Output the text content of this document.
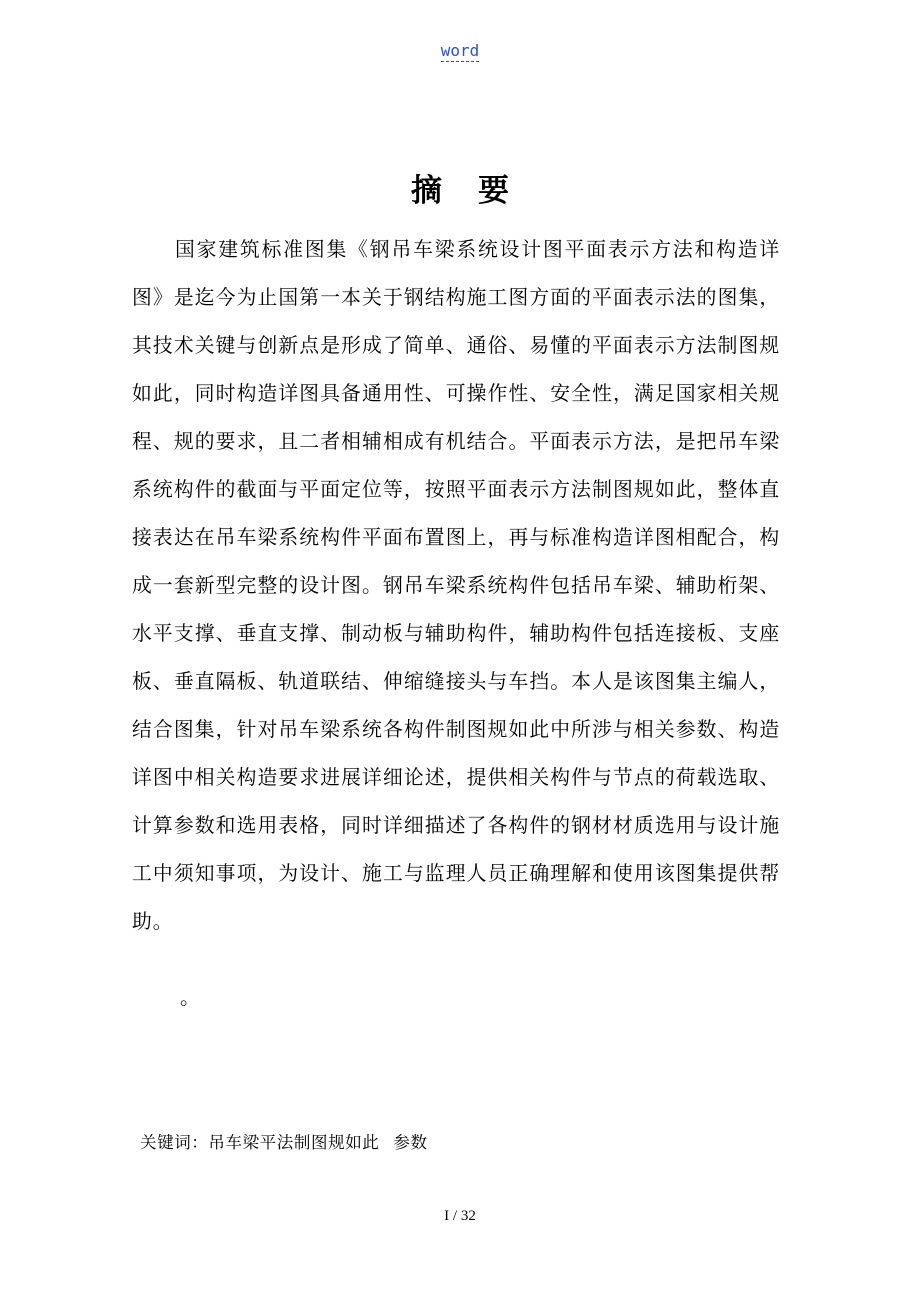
word
摘要

国家建筑标准图集《钢吊车梁系统设计图平面表示方法和构造详图》是迄今为止国第一本关于钢结构施工图方面的平面表示法的图集，其技术关键与创新点是形成了简单、通俗、易懂的平面表示方法制图规如此，同时构造详图具备通用性、可操作性、安全性，满足国家相关规程、规的要求，且二者相辅相成有机结合。平面表示方法，是把吊车梁系统构件的截面与平面定位等，按照平面表示方法制图规如此，整体直接表达在吊车梁系统构件平面布置图上，再与标准构造详图相配合，构成一套新型完整的设计图。钢吊车梁系统构件包括吊车梁、辅助桁架、水平支撑、垂直支撑、制动板与辅助构件，辅助构件包括连接板、支座板、垂直隔板、轨道联结、伸缩缝接头与车挡。本人是该图集主编人，结合图集，针对吊车梁系统各构件制图规如此中所涉与相关参数、构造详图中相关构造要求进展详细论述，提供相关构件与节点的荷载选取、计算参数和选用表格，同时详细描述了各构件的钢材材质选用与设计施工中须知事项，为设计、施工与监理人员正确理解和使用该图集提供帮助。

。
关键词：吊车梁平法制图规如此 参数
I / 32
